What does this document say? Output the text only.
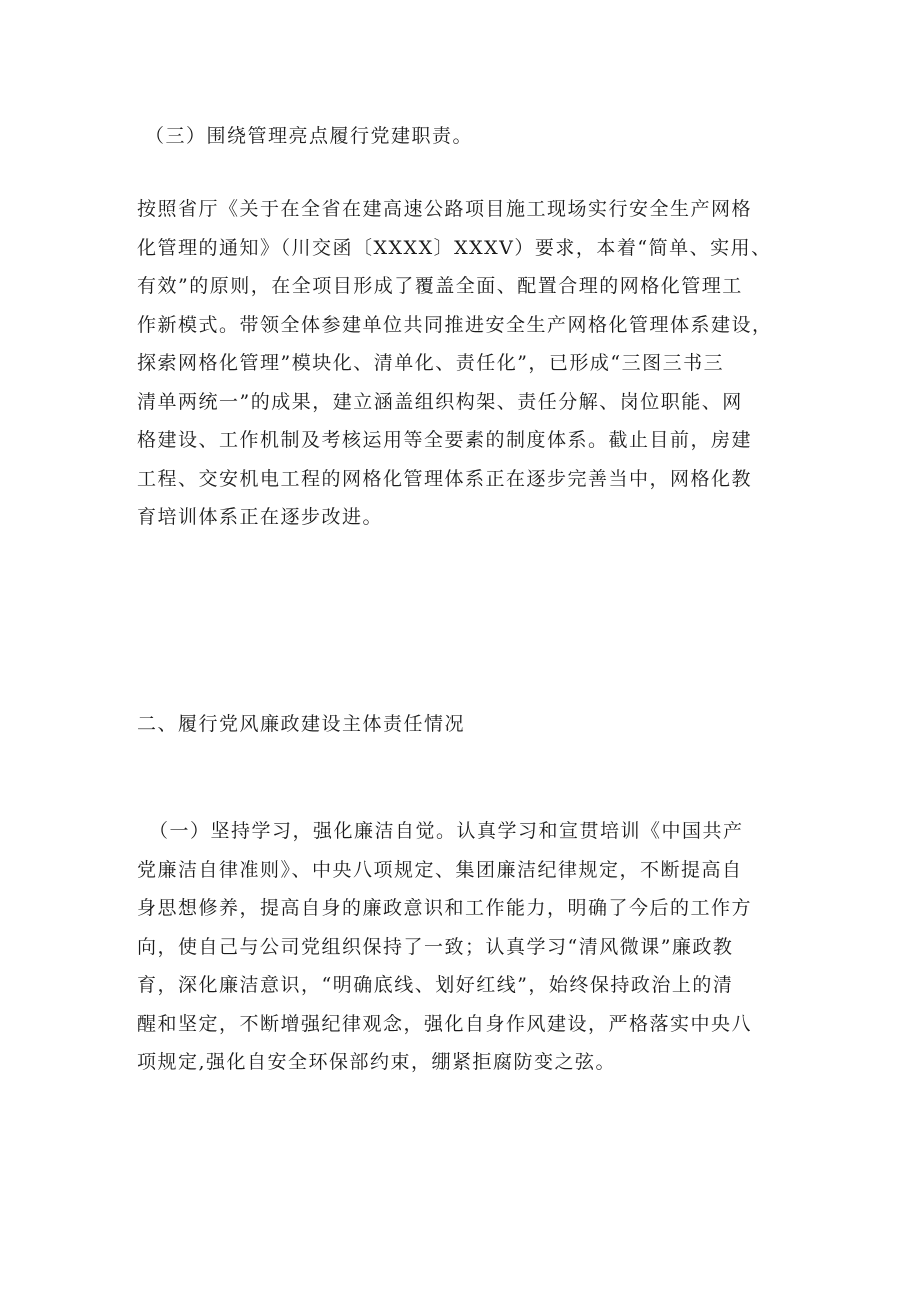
（三）围绕管理亮点履行党建职责。
按照省厅《关于在全省在建高速公路项目施工现场实行安全生产网格
化管理的通知》（川交函〔XXXX〕XXXV）要求，本着“简单、实用、
有效”的原则，在全项目形成了覆盖全面、配置合理的网格化管理工
作新模式。带领全体参建单位共同推进安全生产网格化管理体系建设，
探索网格化管理”模块化、清单化、责任化”，已形成“三图三书三
清单两统一”的成果，建立涵盖组织构架、责任分解、岗位职能、网
格建设、工作机制及考核运用等全要素的制度体系。截止目前，房建
工程、交安机电工程的网格化管理体系正在逐步完善当中，网格化教
育培训体系正在逐步改进。
二、履行党风廉政建设主体责任情况
（一）坚持学习，强化廉洁自觉。认真学习和宣贯培训《中国共产
党廉洁自律准则》、中央八项规定、集团廉洁纪律规定，不断提高自
身思想修养，提高自身的廉政意识和工作能力，明确了今后的工作方
向，使自己与公司党组织保持了一致；认真学习“清风微课”廉政教
育，深化廉洁意识，“明确底线、划好红线”，始终保持政治上的清
醒和坚定，不断增强纪律观念，强化自身作风建设，严格落实中央八
项规定,强化自安全环保部约束，绷紧拒腐防变之弦。
